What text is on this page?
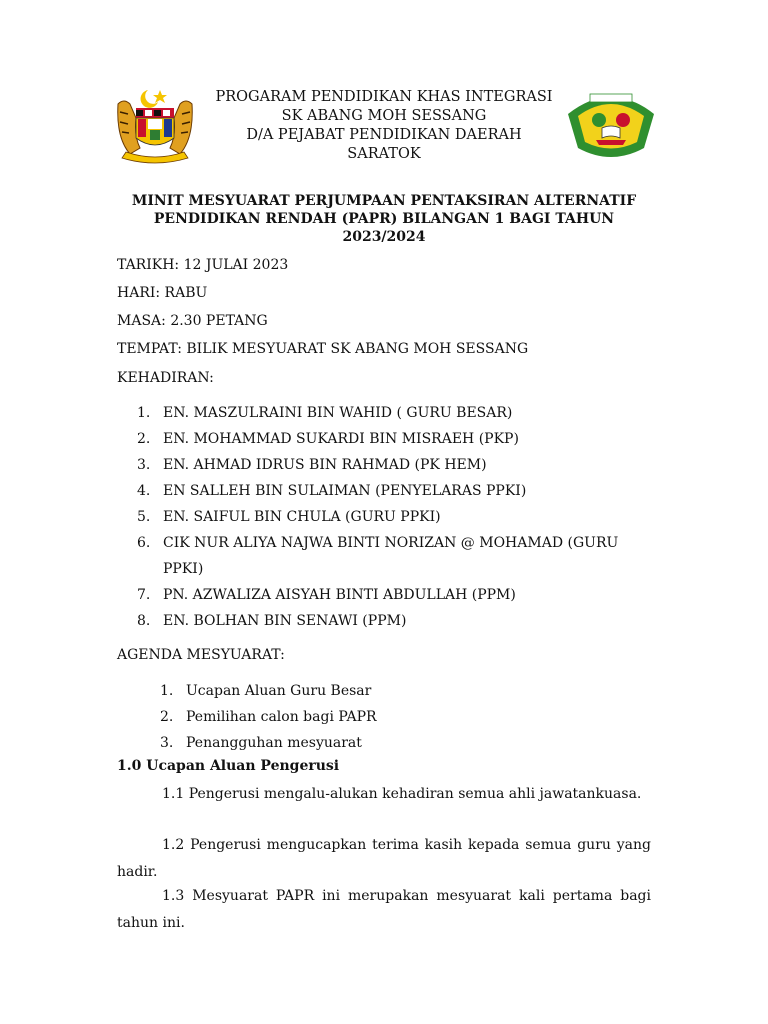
PROGARAM PENDIDIKAN KHAS INTEGRASI
SK ABANG MOH SESSANG
D/A PEJABAT PENDIDIKAN DAERAH
SARATOK
MINIT MESYUARAT PERJUMPAAN PENTAKSIRAN ALTERNATIF
PENDIDIKAN RENDAH (PAPR) BILANGAN 1 BAGI TAHUN
2023/2024
TARIKH: 12 JULAI 2023
HARI: RABU
MASA: 2.30 PETANG
TEMPAT: BILIK MESYUARAT SK ABANG MOH SESSANG
KEHADIRAN:
1. EN. MASZULRAINI BIN WAHID ( GURU BESAR)
2. EN. MOHAMMAD SUKARDI BIN MISRAEH (PKP)
3. EN. AHMAD IDRUS BIN RAHMAD (PK HEM)
4. EN SALLEH BIN SULAIMAN (PENYELARAS PPKI)
5. EN. SAIFUL BIN CHULA (GURU PPKI)
6. CIK NUR ALIYA NAJWA BINTI NORIZAN @ MOHAMAD (GURU PPKI)
7. PN. AZWALIZA AISYAH BINTI ABDULLAH (PPM)
8. EN. BOLHAN BIN SENAWI (PPM)
AGENDA MESYUARAT:
1. Ucapan Aluan Guru Besar
2. Pemilihan calon bagi PAPR
3. Penangguhan mesyuarat
1.0 Ucapan Aluan Pengerusi
1.1 Pengerusi mengalu-alukan kehadiran semua ahli jawatankuasa.
1.2 Pengerusi mengucapkan terima kasih kepada semua guru yang hadir.
1.3 Mesyuarat PAPR ini merupakan mesyuarat kali pertama bagi tahun ini.
